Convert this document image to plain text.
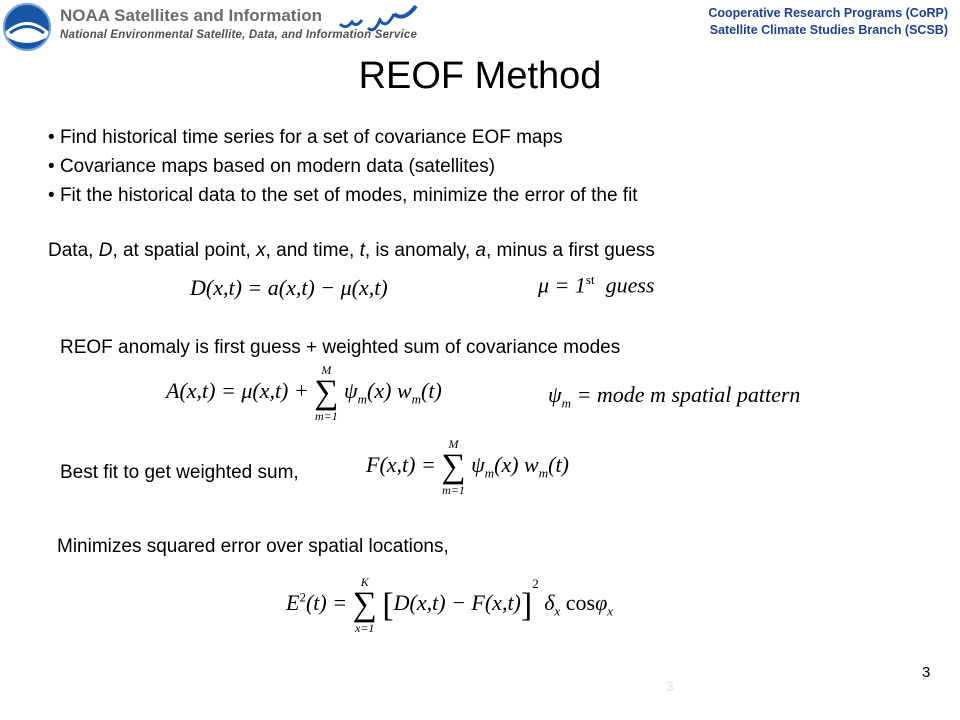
NOAA Satellites and Information
National Environmental Satellite, Data, and Information Service
Cooperative Research Programs (CoRP)
Satellite Climate Studies Branch (SCSB)
REOF Method
• Find historical time series for a set of covariance EOF maps
• Covariance maps based on modern data (satellites)
• Fit the historical data to the set of modes, minimize the error of the fit
Data, D, at spatial point, x, and time, t, is anomaly, a, minus a first guess
D(x,t) = a(x,t) − μ(x,t)	μ = 1st guess
REOF anomaly is first guess + weighted sum of covariance modes
A(x,t) = μ(x,t) +
M
∑
m=1
$\psi_m(x)$ $w_m(t)$	$\psi_m$ = mode m spatial pattern
Best fit to get weighted sum,	F(x,t) =
M
∑
m=1
$\psi_m(x)$ $w_m(t)$
Minimizes squared error over spatial locations,
$E^2(t)$ =
K
∑
x=1
$[D(x,t) - F(x,t)]^2$ $\delta_x$ cosφ$_x$
3
3
